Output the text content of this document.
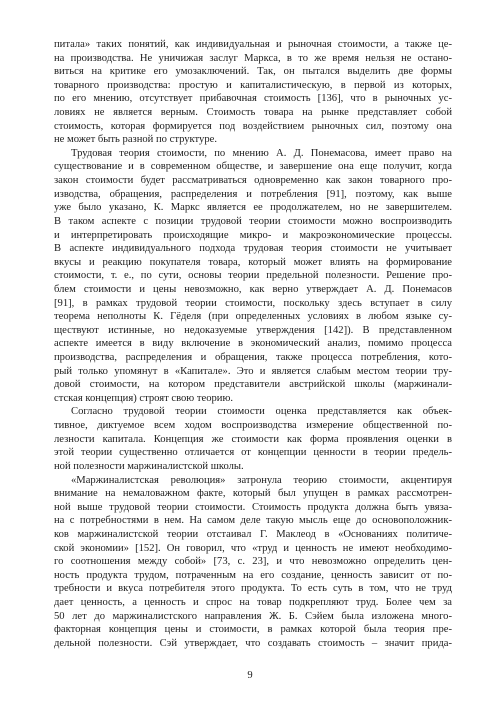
питала» таких понятий, как индивидуальная и рыночная стоимости, а также це-
на производства. Не уничижая заслуг Маркса, в то же время нельзя не остано-
виться на критике его умозаключений. Так, он пытался выделить две формы
товарного производства: простую и капиталистическую, в первой из которых,
по его мнению, отсутствует прибавочная стоимость [136], что в рыночных ус-
ловиях не является верным. Стоимость товара на рынке представляет собой
стоимость, которая формируется под воздействием рыночных сил, поэтому она
не может быть разной по структуре.
Трудовая теория стоимости, по мнению А. Д. Понемасова, имеет право на
существование и в современном обществе, и завершение она еще получит, когда
закон стоимости будет рассматриваться одновременно как закон товарного про-
изводства, обращения, распределения и потребления [91], поэтому, как выше
уже было указано, К. Маркс является ее продолжателем, но не завершителем.
В таком аспекте с позиции трудовой теории стоимости можно воспроизводить
и интерпретировать происходящие микро- и макроэкономические процессы.
В аспекте индивидуального подхода трудовая теория стоимости не учитывает
вкусы и реакцию покупателя товара, который может влиять на формирование
стоимости, т. е., по сути, основы теории предельной полезности. Решение про-
блем стоимости и цены невозможно, как верно утверждает А. Д. Понемасов
[91], в рамках трудовой теории стоимости, поскольку здесь вступает в силу
теорема неполноты К. Гёделя (при определенных условиях в любом языке су-
ществуют истинные, но недоказуемые утверждения [142]). В представленном
аспекте имеется в виду включение в экономический анализ, помимо процесса
производства, распределения и обращения, также процесса потребления, кото-
рый только упомянут в «Капитале». Это и является слабым местом теории тру-
довой стоимости, на котором представители австрийской школы (маржинали-
стская концепция) строят свою теорию.
Согласно трудовой теории стоимости оценка представляется как объек-
тивное, диктуемое всем ходом воспроизводства измерение общественной по-
лезности капитала. Концепция же стоимости как форма проявления оценки в
этой теории существенно отличается от концепции ценности в теории предель-
ной полезности маржиналистской школы.
«Маржиналистская революция» затронула теорию стоимости, акцентируя
внимание на немаловажном факте, который был упущен в рамках рассмотрен-
ной выше трудовой теории стоимости. Стоимость продукта должна быть увяза-
на с потребностями в нем. На самом деле такую мысль еще до основоположник-
ков маржиналистской теории отстаивал Г. Маклеод в «Основаниях политиче-
ской экономии» [152]. Он говорил, что «труд и ценность не имеют необходимо-
го соотношения между собой» [73, с. 23], и что невозможно определить цен-
ность продукта трудом, потраченным на его создание, ценность зависит от по-
требности и вкуса потребителя этого продукта. То есть суть в том, что не труд
дает ценность, а ценность и спрос на товар подкрепляют труд. Более чем за
50 лет до маржиналистского направления Ж. Б. Сэйем была изложена много-
факторная концепция цены и стоимости, в рамках которой была теория пре-
дельной полезности. Сэй утверждает, что создавать стоимость – значит прида-
9
